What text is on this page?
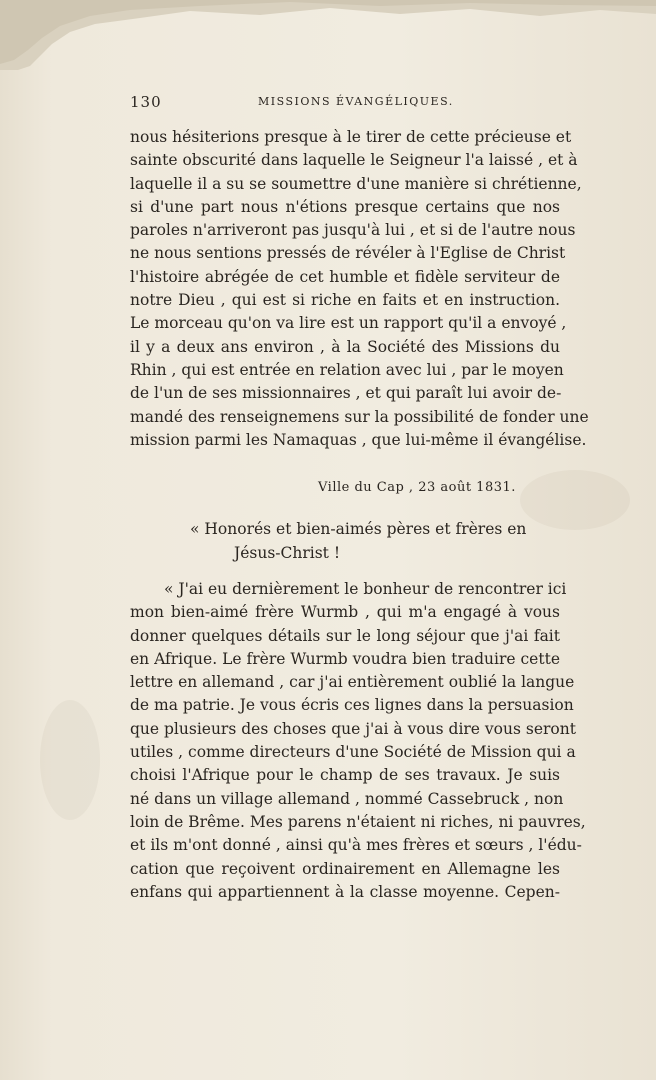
130	MISSIONS ÉVANGÉLIQUES.
nous hésiterions presque à le tirer de cette précieuse et
sainte obscurité dans laquelle le Seigneur l'a laissé , et à
laquelle il a su se soumettre d'une manière si chrétienne,
si d'une part nous n'étions presque certains que nos
paroles n'arriveront pas jusqu'à lui , et si de l'autre nous
ne nous sentions pressés de révéler à l'Eglise de Christ
l'histoire abrégée de cet humble et fidèle serviteur de
notre Dieu , qui est si riche en faits et en instruction.
Le morceau qu'on va lire est un rapport qu'il a envoyé ,
il y a deux ans environ , à la Société des Missions du
Rhin , qui est entrée en relation avec lui , par le moyen
de l'un de ses missionnaires , et qui paraît lui avoir de-
mandé des renseignemens sur la possibilité de fonder une
mission parmi les Namaquas , que lui-même il évangélise.
Ville du Cap , 23 août 1831.
« Honorés et bien-aimés pères et frères en
Jésus-Christ !
« J'ai eu dernièrement le bonheur de rencontrer ici
mon bien-aimé frère Wurmb , qui m'a engagé à vous
donner quelques détails sur le long séjour que j'ai fait
en Afrique. Le frère Wurmb voudra bien traduire cette
lettre en allemand , car j'ai entièrement oublié la langue
de ma patrie. Je vous écris ces lignes dans la persuasion
que plusieurs des choses que j'ai à vous dire vous seront
utiles , comme directeurs d'une Société de Mission qui a
choisi l'Afrique pour le champ de ses travaux. Je suis
né dans un village allemand , nommé Cassebruck , non
loin de Brême. Mes parens n'étaient ni riches, ni pauvres,
et ils m'ont donné , ainsi qu'à mes frères et sœurs , l'édu-
cation que reçoivent ordinairement en Allemagne les
enfans qui appartiennent à la classe moyenne. Cepen-
